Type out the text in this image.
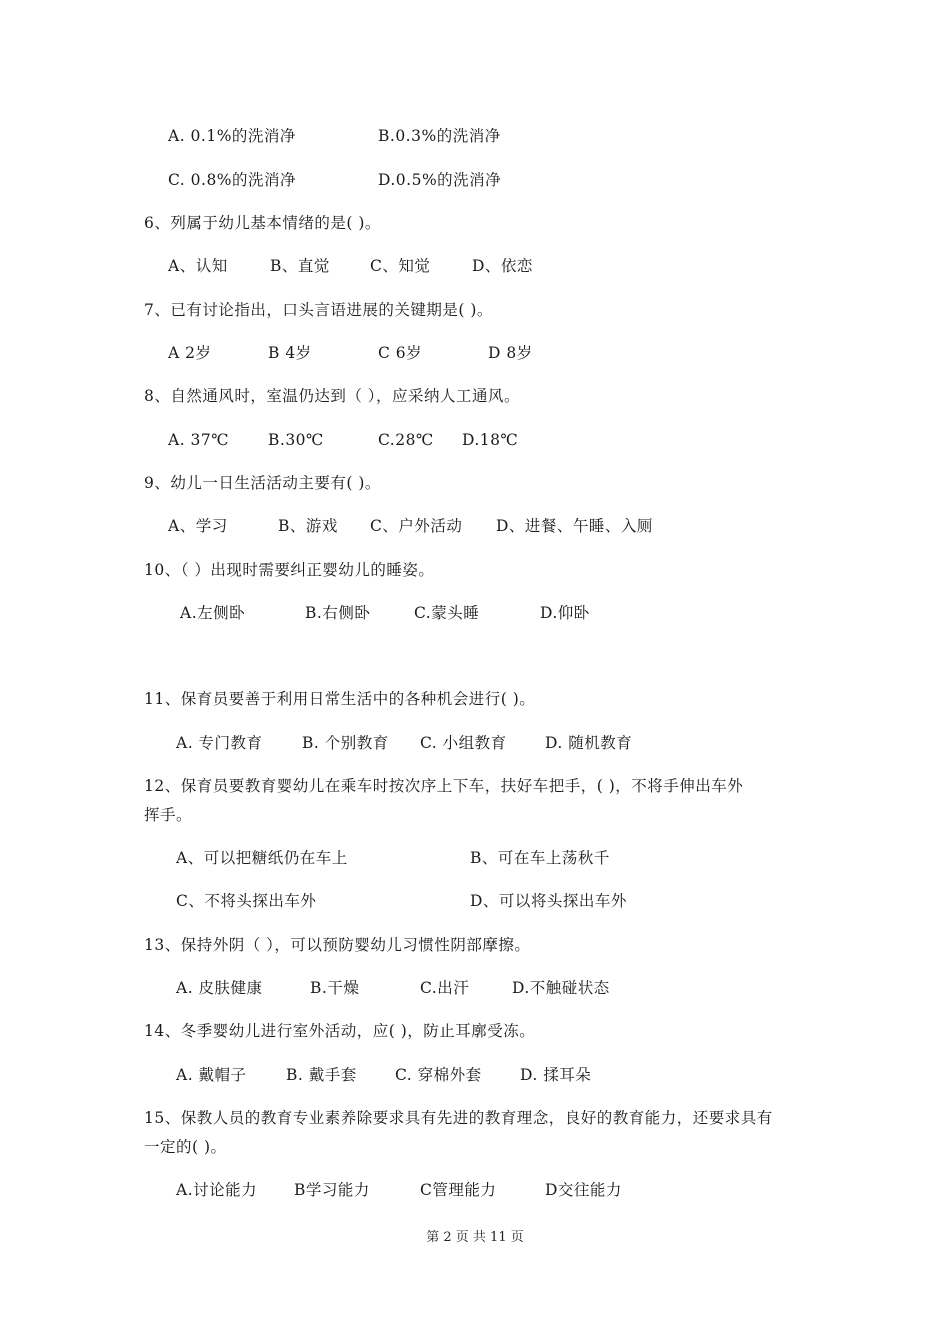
A. 0.1%的洗消净	B.0.3%的洗消净
C. 0.8%的洗消净	D.0.5%的洗消净
6、列属于幼儿基本情绪的是( )。
A、认知	B、直觉	C、知觉	D、依恋
7、已有讨论指出，口头言语进展的关键期是( )。
A 2岁	B 4岁	C 6岁	D 8岁
8、自然通风时，室温仍达到（ ），应采纳人工通风。
A. 37℃	B.30℃	C.28℃ D.18℃
9、幼儿一日生活活动主要有( )。
A、学习	B、游戏 C、户外活动 D、进餐、午睡、入厕
10、（ ）出现时需要纠正婴幼儿的睡姿。
A.左侧卧	B.右侧卧	C.蒙头睡	D.仰卧
11、保育员要善于利用日常生活中的各种机会进行( )。
A. 专门教育	B. 个别教育 C. 小组教育 D. 随机教育
12、保育员要教育婴幼儿在乘车时按次序上下车，扶好车把手，( )，不将手伸出车外
挥手。
A、可以把糖纸仍在车上	B、可在车上荡秋千
C、不将头探出车外	D、可以将头探出车外
13、保持外阴（ ），可以预防婴幼儿习惯性阴部摩擦。
A. 皮肤健康	B.干燥	C.出汗	D.不触碰状态
14、冬季婴幼儿进行室外活动，应( )，防止耳廓受冻。
A. 戴帽子	B. 戴手套 C. 穿棉外套 D. 揉耳朵
15、保教人员的教育专业素养除要求具有先进的教育理念，良好的教育能力，还要求具有
一定的( )。
A.讨论能力 B学习能力	C管理能力	D交往能力
第 2 页 共 11 页
